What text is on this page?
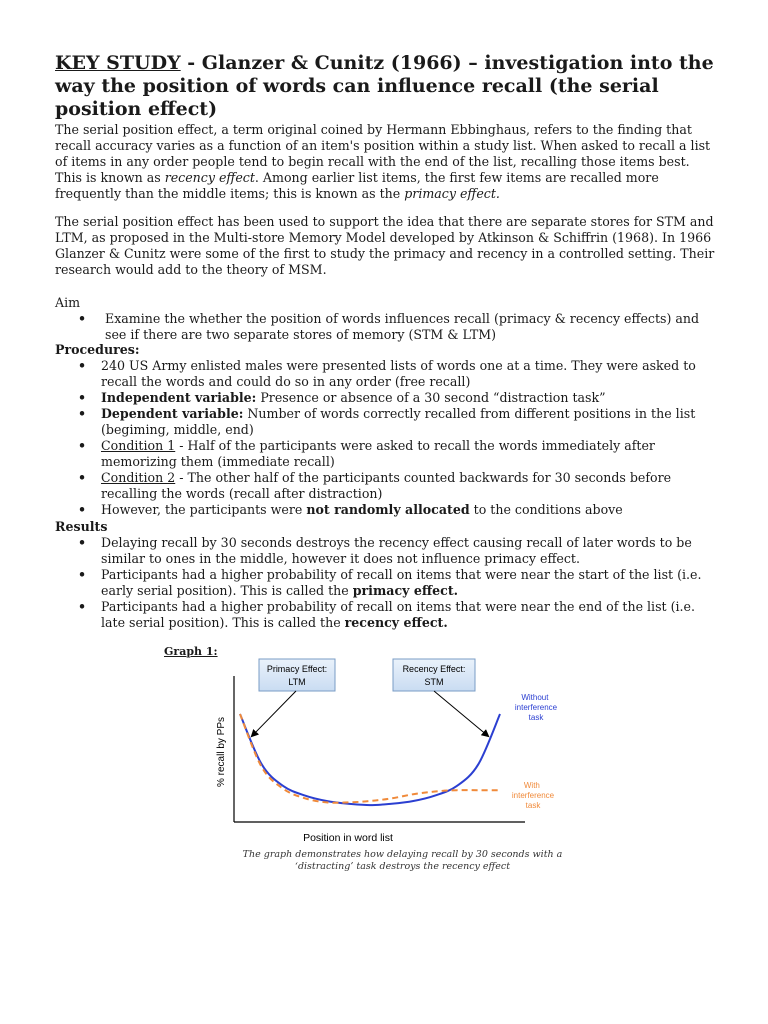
KEY STUDY - Glanzer & Cunitz (1966) – investigation into the way the position of words can influence recall (the serial position effect)

The serial position effect, a term original coined by Hermann Ebbinghaus, refers to the finding that recall accuracy varies as a function of an item's position within a study list. When asked to recall a list of items in any order people tend to begin recall with the end of the list, recalling those items best. This is known as recency effect. Among earlier list items, the first few items are recalled more frequently than the middle items; this is known as the primacy effect.

The serial position effect has been used to support the idea that there are separate stores for STM and LTM, as proposed in the Multi-store Memory Model developed by Atkinson & Schiffrin (1968). In 1966 Glanzer & Cunitz were some of the first to study the primacy and recency in a controlled setting. Their research would add to the theory of MSM.

Aim

• Examine the whether the position of words influences recall (primacy & recency effects) and see if there are two separate stores of memory (STM & LTM)

Procedures:

• 240 US Army enlisted males were presented lists of words one at a time. They were asked to recall the words and could do so in any order (free recall)
• Independent variable: Presence or absence of a 30 second “distraction task”
• Dependent variable: Number of words correctly recalled from different positions in the list (begiming, middle, end)
• Condition 1 - Half of the participants were asked to recall the words immediately after memorizing them (immediate recall)
• Condition 2 - The other half of the participants counted backwards for 30 seconds before recalling the words (recall after distraction)
• However, the participants were not randomly allocated to the conditions above

Results

• Delaying recall by 30 seconds destroys the recency effect causing recall of later words to be similar to ones in the middle, however it does not influence primacy effect.
• Participants had a higher probability of recall on items that were near the start of the list (i.e. early serial position). This is called the primacy effect.
• Participants had a higher probability of recall on items that were near the end of the list (i.e. late serial position). This is called the recency effect.

Graph 1:

Position in word list
% recall by PPs
Primacy Effect:
LTM
Recency Effect:
STM
Without interference task
With interference task
The graph demonstrates how delaying recall by 30 seconds with a ‘distracting’ task destroys the recency effect
